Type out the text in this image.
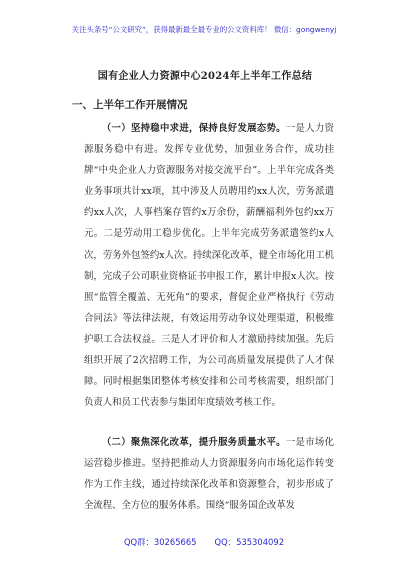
关注头条号“公文研究”，获得最新最全最专业的公文资料库！ 微信：gongwenyj
国有企业人力资源中心2024年上半年工作总结
一、上半年工作开展情况

（一）坚持稳中求进，保持良好发展态势。一是人力资源服务稳中有进。发挥专业优势，加强业务合作，成功挂牌“中央企业人力资源服务对接交流平台”。上半年完成各类业务事项共计xx项，其中涉及人员聘用约xx人次，劳务派遣约xx人次，人事档案存管约x万余份，薪酬福利外包约xx万元。二是劳动用工稳步优化。上半年完成劳务派遣签约x人次，劳务外包签约x人次。持续深化改革，健全市场化用工机制，完成子公司职业资格证书申报工作，累计申报x人次。按照“监管全覆盖、无死角”的要求，督促企业严格执行《劳动合同法》等法律法规，有效运用劳动争议处理渠道，积极维护职工合法权益。三是人才评价和人才激励持续加强。先后组织开展了2次招聘工作，为公司高质量发展提供了人才保障。同时根据集团整体考核安排和公司考核需要，组织部门负责人和员工代表参与集团年度绩效考核工作。

（二）聚焦深化改革，提升服务质量水平。一是市场化运营稳步推进。坚持把推动人力资源服务向市场化运作转变作为工作主线，通过持续深化改革和资源整合，初步形成了全流程、全方位的服务体系。围绕“服务国企改革发

QQ群：30265665 QQ：535304092
